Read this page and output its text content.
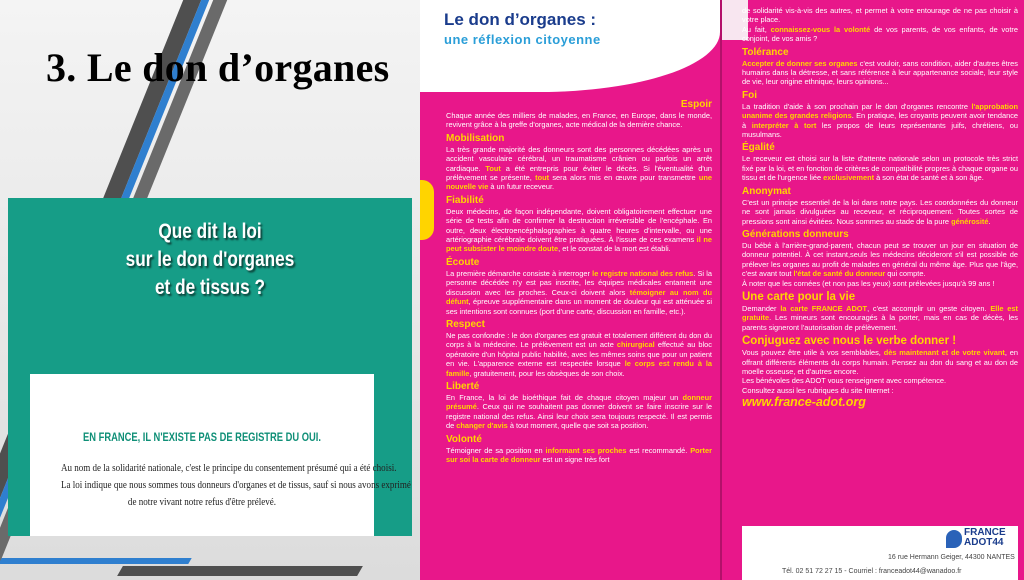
3. Le don d’organes
Que dit la loi
sur le don d'organes
et de tissus ?
EN FRANCE, IL N'EXISTE PAS DE REGISTRE DU OUI.
Au nom de la solidarité nationale, c'est le principe du consentement présumé qui a été choisi.
La loi indique que nous sommes tous donneurs d'organes et de tissus, sauf si nous avons exprimé
de notre vivant notre refus d'être prélevé.
Le don d’organes :
une réflexion citoyenne
Espoir
Chaque année des milliers de malades, en France, en Europe, dans le monde, revivent grâce à la greffe d'organes, acte médical de la dernière chance.
Mobilisation
La très grande majorité des donneurs sont des personnes décédées après un accident vasculaire cérébral, un traumatisme crânien ou parfois un arrêt cardiaque. Tout a été entrepris pour éviter le décès. Si l'éventualité d'un prélèvement se présente, tout sera alors mis en œuvre pour transmettre une nouvelle vie à un futur receveur.
Fiabilité
Deux médecins, de façon indépendante, doivent obligatoirement effectuer une série de tests afin de confirmer la destruction irréversible de l'encéphale. En outre, deux électroencéphalographies à quatre heures d'intervalle, ou une artériographie cérébrale doivent être pratiquées. À l'issue de ces examens il ne peut subsister le moindre doute, et le constat de la mort est établi.
Écoute
La première démarche consiste à interroger le registre national des refus. Si la personne décédée n'y est pas inscrite, les équipes médicales entament une discussion avec les proches. Ceux-ci doivent alors témoigner au nom du défunt, épreuve supplémentaire dans un moment de douleur qui est atténuée si ses intentions sont connues (port d'une carte, discussion en famille, etc.).
Respect
Ne pas confondre : le don d'organes est gratuit et totalement différent du don du corps à la médecine. Le prélèvement est un acte chirurgical effectué au bloc opératoire d'un hôpital public habilité, avec les mêmes soins que pour un patient en vie. L'apparence externe est respectée lorsque le corps est rendu à la famille, gratuitement, pour les obsèques de son choix.
Liberté
En France, la loi de bioéthique fait de chaque citoyen majeur un donneur présumé. Ceux qui ne souhaitent pas donner doivent se faire inscrire sur le registre national des refus. Ainsi leur choix sera toujours respecté. Il est permis de changer d'avis à tout moment, quelle que soit sa position.
Volonté
Témoigner de sa position en informant ses proches est recommandé. Porter sur soi la carte de donneur est un signe très fort
de solidarité vis-à-vis des autres, et permet à votre entourage de ne pas choisir à votre place.
Au fait, connaissez-vous la volonté de vos parents, de vos enfants, de votre conjoint, de vos amis ?
Tolérance
Accepter de donner ses organes c'est vouloir, sans condition, aider d'autres êtres humains dans la détresse, et sans référence à leur appartenance sociale, leur style de vie, leur origine ethnique, leurs opinions...
Foi
La tradition d'aide à son prochain par le don d'organes rencontre l'approbation unanime des grandes religions. En pratique, les croyants peuvent avoir tendance à interpréter à tort les propos de leurs représentants juifs, chrétiens, ou musulmans.
Égalité
Le receveur est choisi sur la liste d'attente nationale selon un protocole très strict fixé par la loi, et en fonction de critères de compatibilité propres à chaque organe ou tissu et de l'urgence liée exclusivement à son état de santé et à son âge.
Anonymat
C'est un principe essentiel de la loi dans notre pays. Les coordonnées du donneur ne sont jamais divulguées au receveur, et réciproquement. Toutes sortes de pressions sont ainsi évitées. Nous sommes au stade de la pure générosité.
Générations donneurs
Du bébé à l'arrière-grand-parent, chacun peut se trouver un jour en situation de donneur potentiel. À cet instant,seuls les médecins décideront s'il est possible de prélever les organes au profit de malades en général du même âge. Plus que l'âge, c'est avant tout l'état de santé du donneur qui compte.
À noter que les cornées (et non pas les yeux) sont prélevées jusqu'à 99 ans !
Une carte pour la vie
Demander la carte FRANCE ADOT, c'est accomplir un geste citoyen. Elle est gratuite. Les mineurs sont encouragés à la porter, mais en cas de décès, les parents signeront l'autorisation de prélèvement.
Conjuguez avec nous le verbe donner !
Vous pouvez être utile à vos semblables, dès maintenant et de votre vivant, en offrant différents éléments du corps humain. Pensez au don du sang et au don de moelle osseuse, et d'autres encore.
Les bénévoles des ADOT vous renseignent avec compétence.
Consultez aussi les rubriques du site Internet :
www.france-adot.org
FRANCE
ADOT44
16 rue Hermann Geiger, 44300 NANTES
Tél. 02 51 72 27 15 - Courriel : franceadot44@wanadoo.fr
